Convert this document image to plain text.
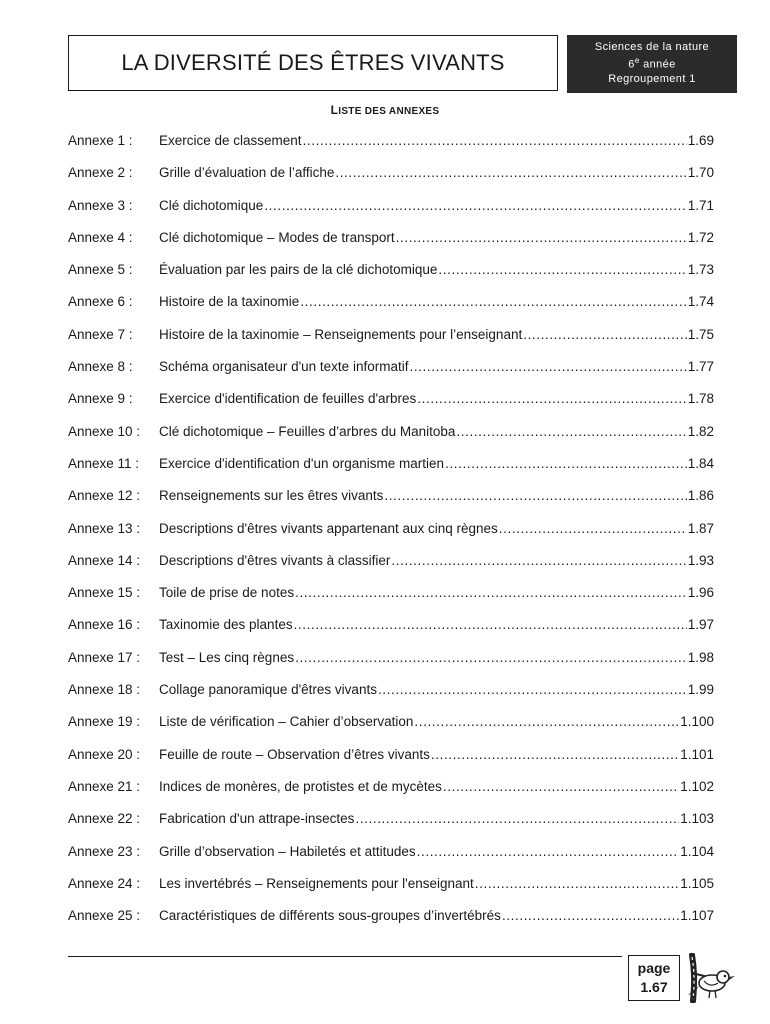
LA DIVERSITÉ DES ÊTRES VIVANTS
Sciences de la nature
6e année
Regroupement 1
LISTE DES ANNEXES
Annexe 1 :	Exercice de classement .....	1.69
Annexe 2 :	Grille d’évaluation de l’affiche .....	1.70
Annexe 3 :	Clé dichotomique .....	1.71
Annexe 4 :	Clé dichotomique – Modes de transport .....	1.72
Annexe 5 :	Évaluation par les pairs de la clé dichotomique .....	1.73
Annexe 6 :	Histoire de la taxinomie .....	1.74
Annexe 7 :	Histoire de la taxinomie – Renseignements pour l’enseignant .....	1.75
Annexe 8 :	Schéma organisateur d'un texte informatif .....	1.77
Annexe 9 :	Exercice d'identification de feuilles d'arbres .....	1.78
Annexe 10 :	Clé dichotomique – Feuilles d’arbres du Manitoba .....	1.82
Annexe 11 :	Exercice d'identification d'un organisme martien .....	1.84
Annexe 12 :	Renseignements sur les êtres vivants .....	1.86
Annexe 13 :	Descriptions d'êtres vivants appartenant aux cinq règnes .....	1.87
Annexe 14 :	Descriptions d'êtres vivants à classifier .....	1.93
Annexe 15 :	Toile de prise de notes .....	1.96
Annexe 16 :	Taxinomie des plantes .....	1.97
Annexe 17 :	Test – Les cinq règnes .....	1.98
Annexe 18 :	Collage panoramique d'êtres vivants .....	1.99
Annexe 19 :	Liste de vérification – Cahier d’observation .....	1.100
Annexe 20 :	Feuille de route – Observation d’êtres vivants .....	1.101
Annexe 21 :	Indices de monères, de protistes et de mycètes .....	1.102
Annexe 22 :	Fabrication d'un attrape-insectes .....	1.103
Annexe 23 :	Grille d’observation – Habiletés et attitudes .....	1.104
Annexe 24 :	Les invertébrés – Renseignements pour l'enseignant .....	1.105
Annexe 25 :	Caractéristiques de différents sous-groupes d’invertébrés .....	1.107
page
1.67
